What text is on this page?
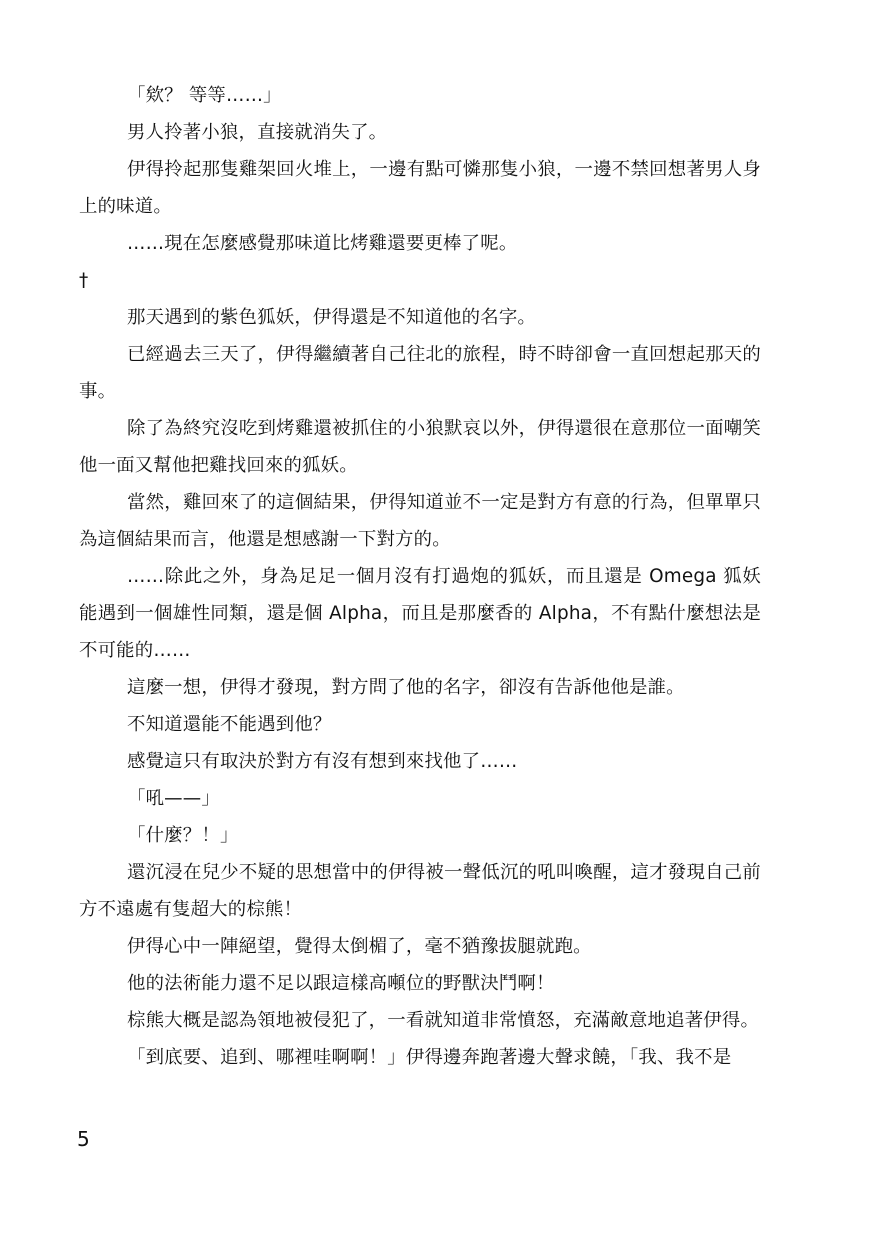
「欸？ 等等……」

男人拎著小狼，直接就消失了。

伊得拎起那隻雞架回火堆上，一邊有點可憐那隻小狼，一邊不禁回想著男人身上的味道。

……現在怎麼感覺那味道比烤雞還要更棒了呢。

†

那天遇到的紫色狐妖，伊得還是不知道他的名字。

已經過去三天了，伊得繼續著自己往北的旅程，時不時卻會一直回想起那天的事。

除了為終究沒吃到烤雞還被抓住的小狼默哀以外，伊得還很在意那位一面嘲笑他一面又幫他把雞找回來的狐妖。

當然，雞回來了的這個結果，伊得知道並不一定是對方有意的行為，但單單只為這個結果而言，他還是想感謝一下對方的。

……除此之外，身為足足一個月沒有打過炮的狐妖，而且還是 Omega 狐妖能遇到一個雄性同類，還是個 Alpha，而且是那麼香的 Alpha，不有點什麼想法是不可能的……

這麼一想，伊得才發現，對方問了他的名字，卻沒有告訴他他是誰。

不知道還能不能遇到他？

感覺這只有取決於對方有沒有想到來找他了……

「吼——」

「什麼？！」

還沉浸在兒少不疑的思想當中的伊得被一聲低沉的吼叫喚醒，這才發現自己前方不遠處有隻超大的棕熊！

伊得心中一陣絕望，覺得太倒楣了，毫不猶豫拔腿就跑。

他的法術能力還不足以跟這樣高噸位的野獸決鬥啊！

棕熊大概是認為領地被侵犯了，一看就知道非常憤怒，充滿敵意地追著伊得。

「到底要、追到、哪裡哇啊啊！」伊得邊奔跑著邊大聲求饒，「我、我不是

5
